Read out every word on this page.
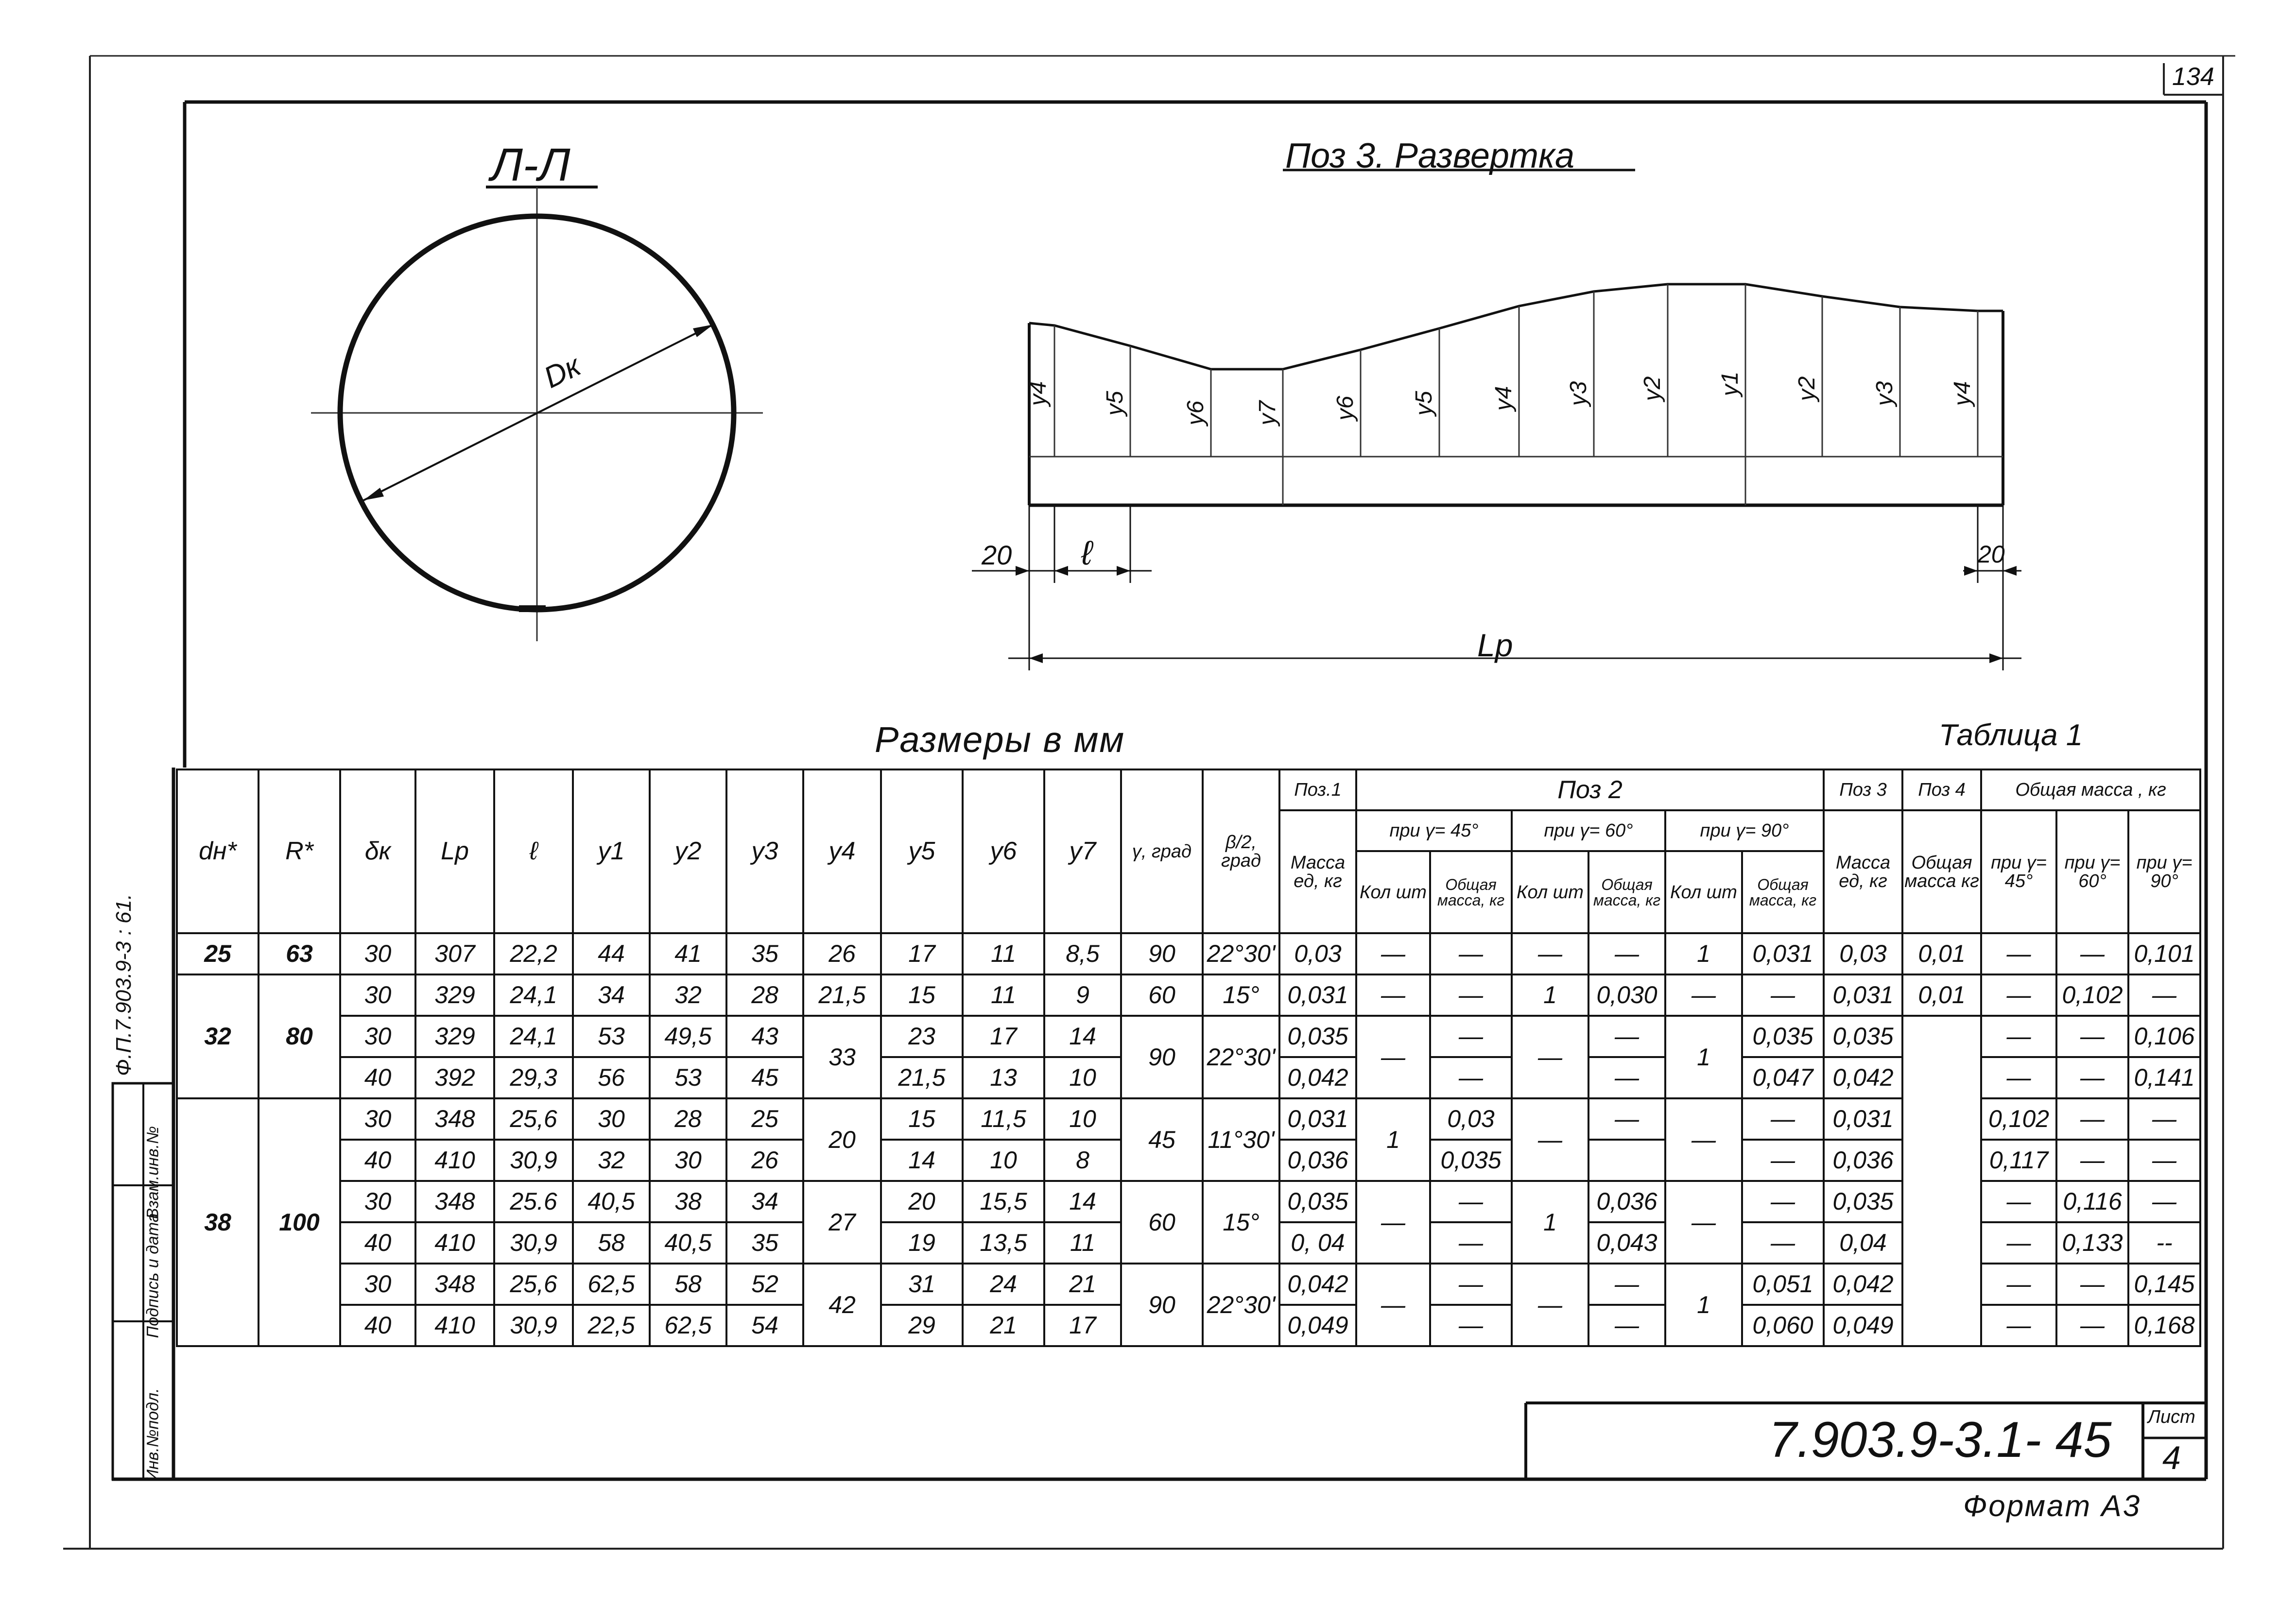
y4 y5 y6 y7 y6 y5 y4 y3 y2 y1 y2 y3 y4
134
Л-Л
Dк
Поз 3. Развертка
20 ℓ	20
Lp
Размеры в мм	Таблица 1
Ф.П.7.903.9-3 : 61.
Инв.№подл.
Подпись и дата
Взам.инв.№
7.903.9-3.1- 45 Лист
4
Формат А3
dн*	R*	δк	Lp	ℓ	y1	y2	y3	y4	y5	y6	y7	γ, град	β/2, град	Поз.1	Поз 2						Поз 3	Поз 4	Общая масса , кг		
														Масса ед, кг	при γ= 45°		при γ= 60°		при γ= 90°		Масса ед, кг	Общая масса кг	при γ= 45°	при γ= 60°	при γ= 90°
															Кол шт	Общая масса, кг	Кол шт	Общая масса, кг	Кол шт	Общая масса, кг					
25	63	30	307	22,2	44	41	35	26	17	11	8,5	90	22°30'	0,03	—	—	—	—	1	0,031	0,03	0,01	—	—	0,101
32	80	30	329	24,1	34	32	28	21,5	15	11	9	60	15°	0,031	—	—	1	0,030	—	—	0,031	0,01	—	0,102	—
		30	329	24,1	53	49,5	43	33	23	17	14	90	22°30'	0,035	—	—	—	—	1	0,035	0,035		—	—	0,106
		40	392	29,3	56	53	45		21,5	13	10			0,042		—		—		0,047	0,042		—	—	0,141
38	100	30	348	25,6	30	28	25	20	15	11,5	10	45	11°30'	0,031	1	0,03	—	—	—	—	0,031		0,102	—	—
		40	410	30,9	32	30	26		14	10	8			0,036		0,035				—	0,036		0,117	—	—
		30	348	25.6	40,5	38	34	27	20	15,5	14	60	15°	0,035	—	—	1	0,036	—	—	0,035		—	0,116	—
		40	410	30,9	58	40,5	35		19	13,5	11			0, 04		—		0,043		—	0,04		—	0,133	--
		30	348	25,6	62,5	58	52	42	31	24	21	90	22°30'	0,042	—	—	—	—	1	0,051	0,042		—	—	0,145
		40	410	30,9	22,5	62,5	54		29	21	17			0,049		—		—		0,060	0,049		—	—	0,168
